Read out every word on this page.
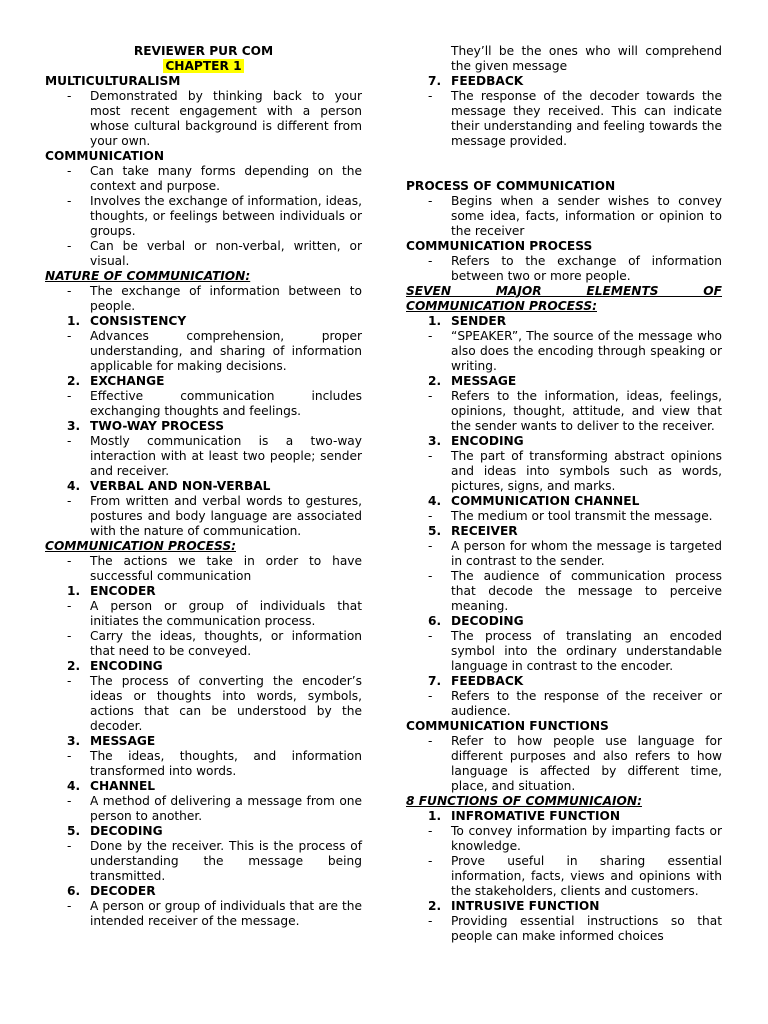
REVIEWER PUR COM
CHAPTER 1
MULTICULTURALISM
-	Demonstrated by thinking back to your most recent engagement with a person whose cultural background is different from your own.
COMMUNICATION
-	Can take many forms depending on the context and purpose.
-	Involves the exchange of information, ideas, thoughts, or feelings between individuals or groups.
-	Can be verbal or non-verbal, written, or visual.
NATURE OF COMMUNICATION:
-	The exchange of information between to people.
1. CONSISTENCY
-	Advances comprehension, proper understanding, and sharing of information applicable for making decisions.
2. EXCHANGE
-	Effective communication includes exchanging thoughts and feelings.
3. TWO-WAY PROCESS
-	Mostly communication is a two-way interaction with at least two people; sender and receiver.
4. VERBAL AND NON-VERBAL
-	From written and verbal words to gestures, postures and body language are associated with the nature of communication.
COMMUNICATION PROCESS:
-	The actions we take in order to have successful communication
1. ENCODER
-	A person or group of individuals that initiates the communication process.
-	Carry the ideas, thoughts, or information that need to be conveyed.
2. ENCODING
-	The process of converting the encoder’s ideas or thoughts into words, symbols, actions that can be understood by the decoder.
3. MESSAGE
-	The ideas, thoughts, and information transformed into words.
4. CHANNEL
-	A method of delivering a message from one person to another.
5. DECODING
-	Done by the receiver. This is the process of understanding the message being transmitted.
6. DECODER
-	A person or group of individuals that are the intended receiver of the message.
They’ll be the ones who will comprehend the given message
7. FEEDBACK
-	The response of the decoder towards the message they received. This can indicate their understanding and feeling towards the message provided.
PROCESS OF COMMUNICATION
-	Begins when a sender wishes to convey some idea, facts, information or opinion to the receiver
COMMUNICATION PROCESS
-	Refers to the exchange of information between two or more people.
SEVEN MAJOR ELEMENTS OF
COMMUNICATION PROCESS:
1. SENDER
-	“SPEAKER”, The source of the message who also does the encoding through speaking or writing.
2. MESSAGE
-	Refers to the information, ideas, feelings, opinions, thought, attitude, and view that the sender wants to deliver to the receiver.
3. ENCODING
-	The part of transforming abstract opinions and ideas into symbols such as words, pictures, signs, and marks.
4. COMMUNICATION CHANNEL
-	The medium or tool transmit the message.
5. RECEIVER
-	A person for whom the message is targeted in contrast to the sender.
-	The audience of communication process that decode the message to perceive meaning.
6. DECODING
-	The process of translating an encoded symbol into the ordinary understandable language in contrast to the encoder.
7. FEEDBACK
-	Refers to the response of the receiver or audience.
COMMUNICATION FUNCTIONS
-	Refer to how people use language for different purposes and also refers to how language is affected by different time, place, and situation.
8 FUNCTIONS OF COMMUNICAION:
1. INFROMATIVE FUNCTION
-	To convey information by imparting facts or knowledge.
-	Prove useful in sharing essential information, facts, views and opinions with the stakeholders, clients and customers.
2. INTRUSIVE FUNCTION
-	Providing essential instructions so that people can make informed choices
